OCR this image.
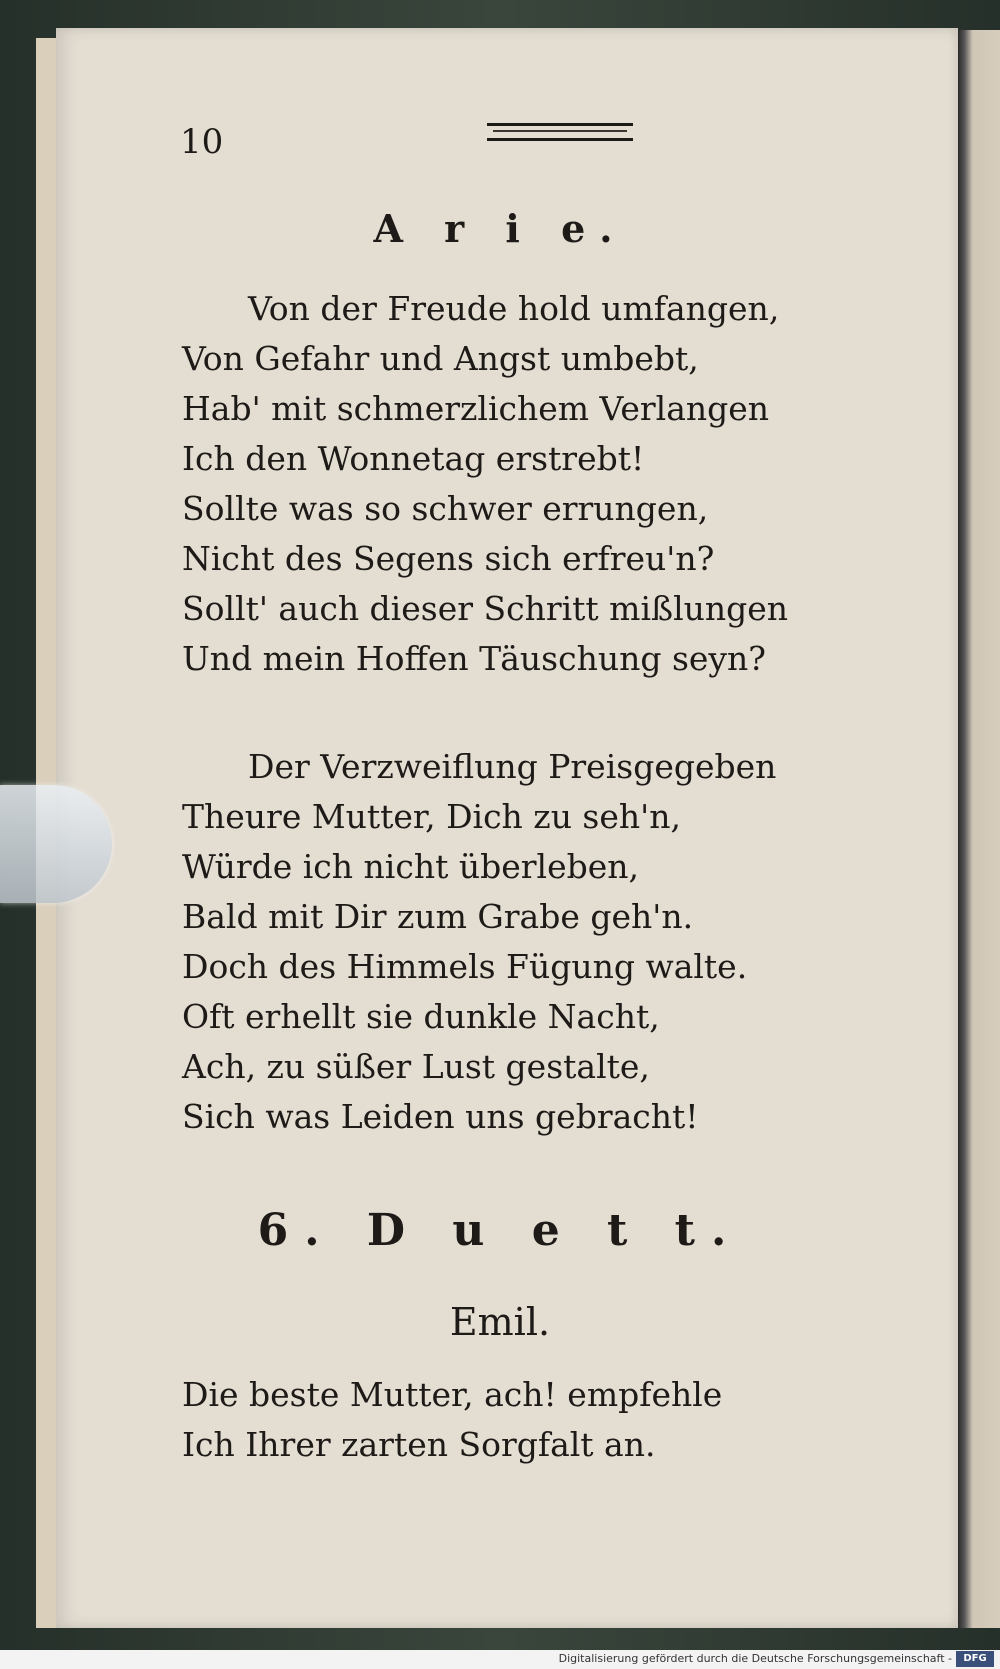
10
A r i e.
Von der Freude hold umfangen,
Von Gefahr und Angst umbebt,
Hab' mit schmerzlichem Verlangen
Ich den Wonnetag erstrebt!
Sollte was so schwer errungen,
Nicht des Segens sich erfreu'n?
Sollt' auch dieser Schritt mißlungen
Und mein Hoffen Täuschung seyn?
Der Verzweiflung Preisgegeben
Theure Mutter, Dich zu seh'n,
Würde ich nicht überleben,
Bald mit Dir zum Grabe geh'n.
Doch des Himmels Fügung walte.
Oft erhellt sie dunkle Nacht,
Ach, zu süßer Lust gestalte,
Sich was Leiden uns gebracht!
6. D u e t t.
Emil.
Die beste Mutter, ach! empfehle
Ich Ihrer zarten Sorgfalt an.
Digitalisierung gefördert durch die Deutsche Forschungsgemeinschaft -	DFG
